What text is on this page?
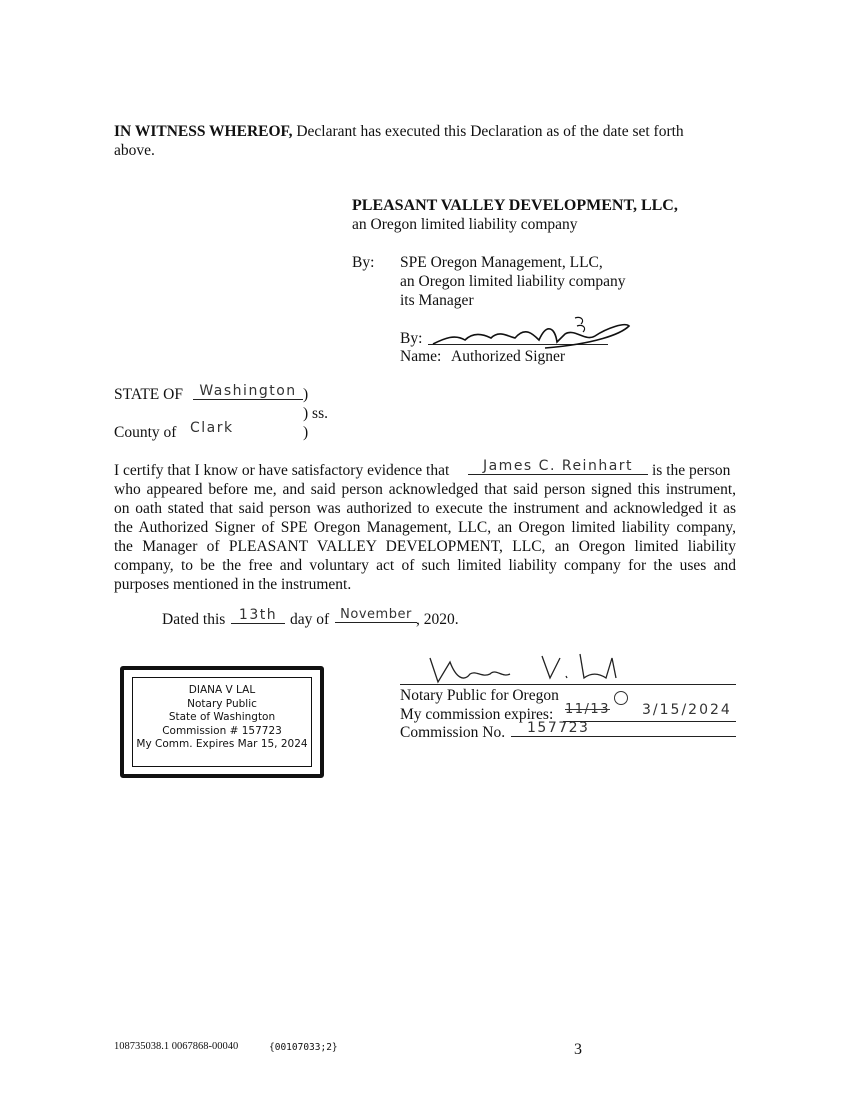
IN WITNESS WHEREOF, Declarant has executed this Declaration as of the date set forth

above.

PLEASANT VALLEY DEVELOPMENT, LLC,
an Oregon limited liability company
By: SPE Oregon Management, LLC,
an Oregon limited liability company
its Manager
By:
Name: Authorized Signer
STATE OF	Washington )
) ss.
County of Clark	)
I certify that I know or have satisfactory evidence that	James C. Reinhart	is the person

who appeared before me, and said person acknowledged that said person signed this instrument,

on oath stated that said person was authorized to execute the instrument and acknowledged it as

the Authorized Signer of SPE Oregon Management, LLC, an Oregon limited liability company,

the Manager of PLEASANT VALLEY DEVELOPMENT, LLC, an Oregon limited liability

company, to be the free and voluntary act of such limited liability company for the uses and

purposes mentioned in the instrument.

Dated this 13th day of November , 2020.
DIANA V LAL
Notary Public
State of Washington
Commission # 157723
My Comm. Expires Mar 15, 2024
Notary Public for Oregon
My commission expires: 11/13 3/15/2024
Commission No.	157723
108735038.1 0067868-00040	{00107033;2}	3
